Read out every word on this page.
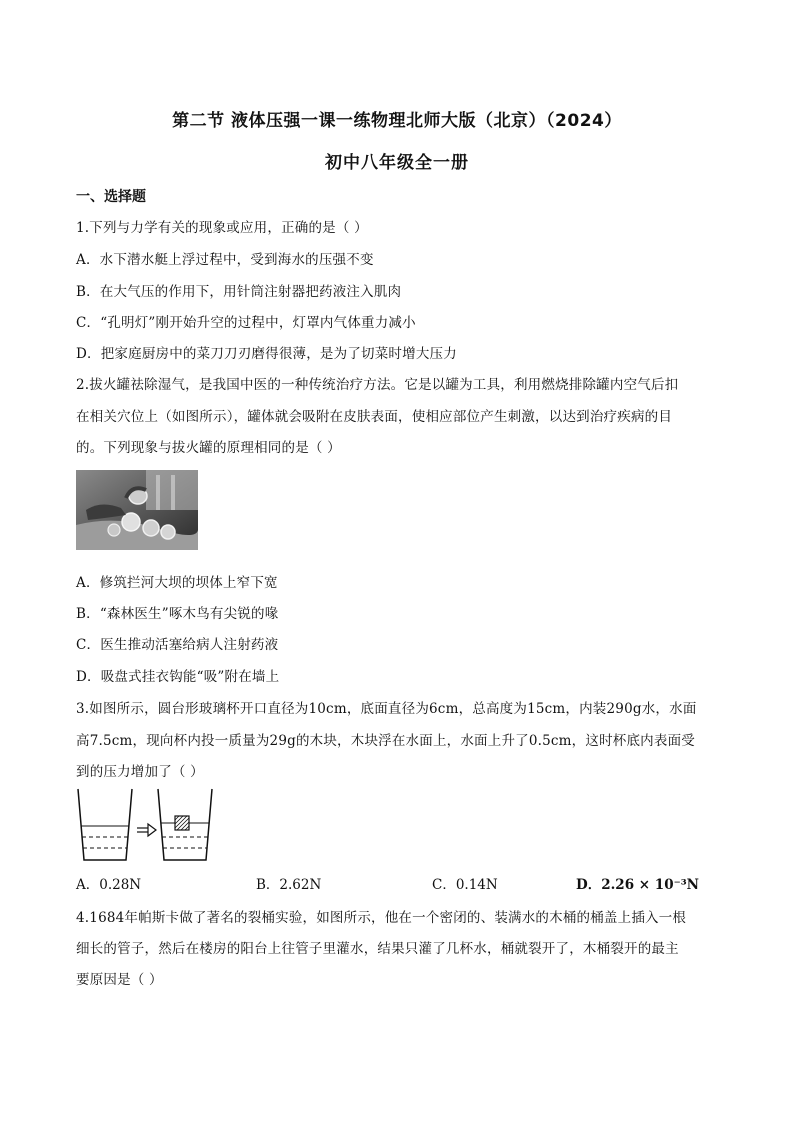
第二节 液体压强一课一练物理北师大版（北京）（2024）
初中八年级全一册
一、选择题
1.下列与力学有关的现象或应用，正确的是（ ）
A．水下潜水艇上浮过程中，受到海水的压强不变
B．在大气压的作用下，用针筒注射器把药液注入肌肉
C．“孔明灯”刚开始升空的过程中，灯罩内气体重力减小
D．把家庭厨房中的菜刀刀刃磨得很薄，是为了切菜时增大压力
2.拔火罐祛除湿气，是我国中医的一种传统治疗方法。它是以罐为工具，利用燃烧排除罐内空气后扣
在相关穴位上（如图所示），罐体就会吸附在皮肤表面，使相应部位产生刺激，以达到治疗疾病的目
的。下列现象与拔火罐的原理相同的是（ ）
A．修筑拦河大坝的坝体上窄下宽
B．“森林医生”啄木鸟有尖锐的喙
C．医生推动活塞给病人注射药液
D．吸盘式挂衣钩能“吸”附在墙上
3.如图所示，圆台形玻璃杯开口直径为10cm，底面直径为6cm，总高度为15cm，内装290g水，水面
高7.5cm，现向杯内投一质量为29g的木块，木块浮在水面上，水面上升了0.5cm，这时杯底内表面受
到的压力增加了（ ）
A．0.28N	B．2.62N	C．0.14N	D．2.26 × 10⁻³N
4.1684年帕斯卡做了著名的裂桶实验，如图所示，他在一个密闭的、装满水的木桶的桶盖上插入一根
细长的管子，然后在楼房的阳台上往管子里灌水，结果只灌了几杯水，桶就裂开了，木桶裂开的最主
要原因是（ ）
